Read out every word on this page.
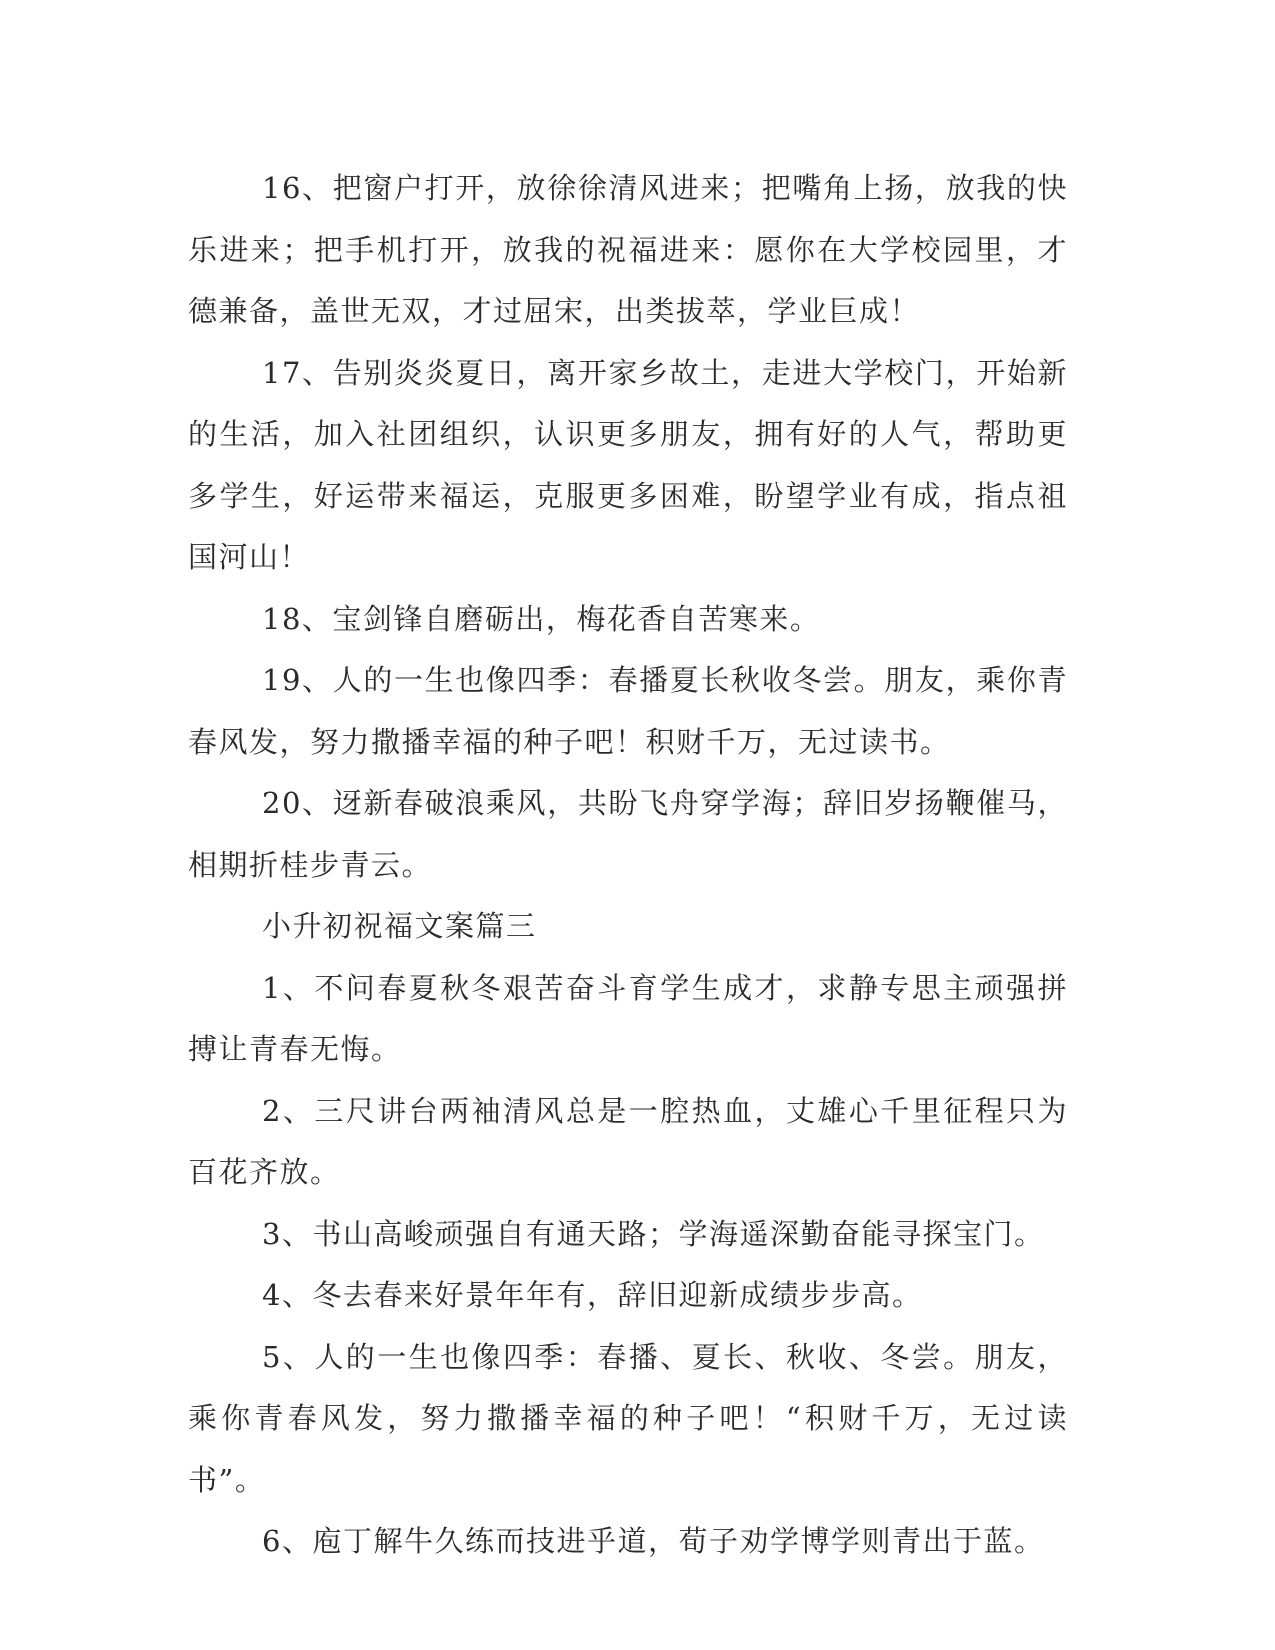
16、把窗户打开，放徐徐清风进来；把嘴角上扬，放我的快乐进来；把手机打开，放我的祝福进来：愿你在大学校园里，才德兼备，盖世无双，才过屈宋，出类拔萃，学业巨成！

17、告别炎炎夏日，离开家乡故土，走进大学校门，开始新的生活，加入社团组织，认识更多朋友，拥有好的人气，帮助更多学生，好运带来福运，克服更多困难，盼望学业有成，指点祖国河山！

18、宝剑锋自磨砺出，梅花香自苦寒来。

19、人的一生也像四季：春播夏长秋收冬尝。朋友，乘你青春风发，努力撒播幸福的种子吧！积财千万，无过读书。

20、迓新春破浪乘风，共盼飞舟穿学海；辞旧岁扬鞭催马，相期折桂步青云。

小升初祝福文案篇三

1、不问春夏秋冬艰苦奋斗育学生成才，求静专思主顽强拼搏让青春无悔。

2、三尺讲台两袖清风总是一腔热血，丈雄心千里征程只为百花齐放。

3、书山高峻顽强自有通天路；学海遥深勤奋能寻探宝门。

4、冬去春来好景年年有，辞旧迎新成绩步步高。

5、人的一生也像四季：春播、夏长、秋收、冬尝。朋友，乘你青春风发，努力撒播幸福的种子吧！“积财千万，无过读书”。

6、庖丁解牛久练而技进乎道，荀子劝学博学则青出于蓝。
